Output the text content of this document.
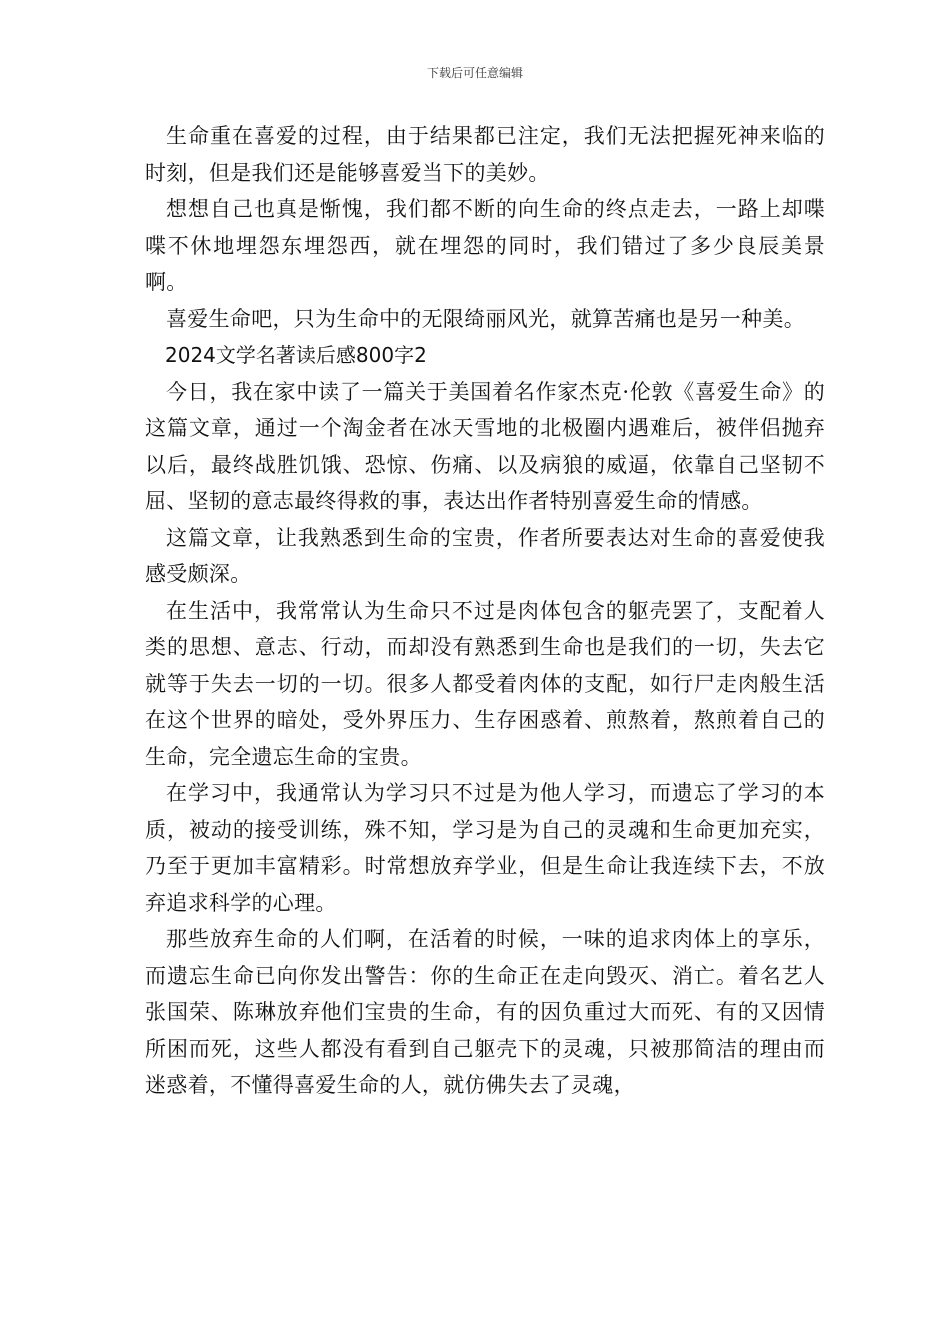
下载后可任意编辑

生命重在喜爱的过程，由于结果都已注定，我们无法把握死神来临的时刻，但是我们还是能够喜爱当下的美妙。

想想自己也真是惭愧，我们都不断的向生命的终点走去，一路上却喋喋不休地埋怨东埋怨西，就在埋怨的同时，我们错过了多少良辰美景啊。

喜爱生命吧，只为生命中的无限绮丽风光，就算苦痛也是另一种美。

2024文学名著读后感800字2

今日，我在家中读了一篇关于美国着名作家杰克·伦敦《喜爱生命》的这篇文章，通过一个淘金者在冰天雪地的北极圈内遇难后，被伴侣抛弃以后，最终战胜饥饿、恐惊、伤痛、以及病狼的威逼，依靠自己坚韧不屈、坚韧的意志最终得救的事，表达出作者特别喜爱生命的情感。

这篇文章，让我熟悉到生命的宝贵，作者所要表达对生命的喜爱使我感受颇深。

在生活中，我常常认为生命只不过是肉体包含的躯壳罢了，支配着人类的思想、意志、行动，而却没有熟悉到生命也是我们的一切，失去它就等于失去一切的一切。很多人都受着肉体的支配，如行尸走肉般生活在这个世界的暗处，受外界压力、生存困惑着、煎熬着，熬煎着自己的生命，完全遗忘生命的宝贵。

在学习中，我通常认为学习只不过是为他人学习，而遗忘了学习的本质，被动的接受训练，殊不知，学习是为自己的灵魂和生命更加充实，乃至于更加丰富精彩。时常想放弃学业，但是生命让我连续下去，不放弃追求科学的心理。

那些放弃生命的人们啊，在活着的时候，一味的追求肉体上的享乐，而遗忘生命已向你发出警告：你的生命正在走向毁灭、消亡。着名艺人张国荣、陈琳放弃他们宝贵的生命，有的因负重过大而死、有的又因情所困而死，这些人都没有看到自己躯壳下的灵魂，只被那简洁的理由而迷惑着，不懂得喜爱生命的人，就仿佛失去了灵魂，
